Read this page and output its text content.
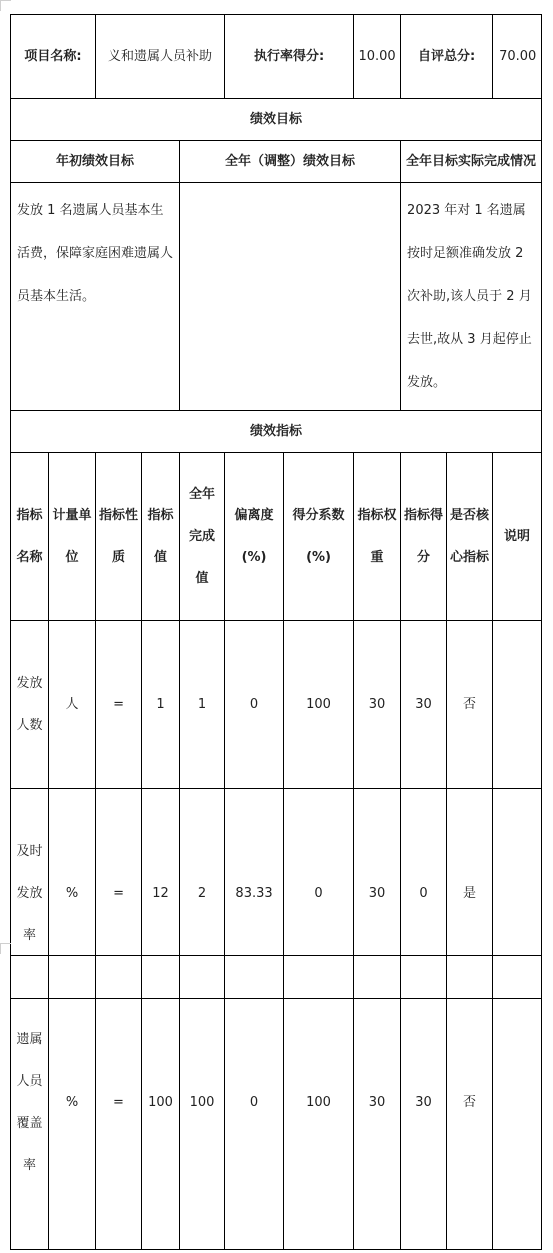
项目名称:		义和遗属人员补助			执行率得分:		10.00	自评总分:		70.00
绩效目标										
年初绩效目标				全年（调整）绩效目标				全年目标实际完成情况		
发放 1 名遗属人员基本生活费，保障家庭困难遗属人员基本生活。								2023 年对 1 名遗属按时足额准确发放 2 次补助,该人员于 2 月去世,故从 3 月起停止发放。		
绩效指标										
指标名称	计量单位	指标性质	指标值	全年完成值	偏离度(%)	得分系数(%)	指标权重	指标得分	是否核心指标	说明
发放人数	人	=	1	1	0	100	30	30	否	
及时发放率	%	=	12	2	83.33	0	30	0	是	
遗属人员覆盖率	%	=	100	100	0	100	30	30	否	
